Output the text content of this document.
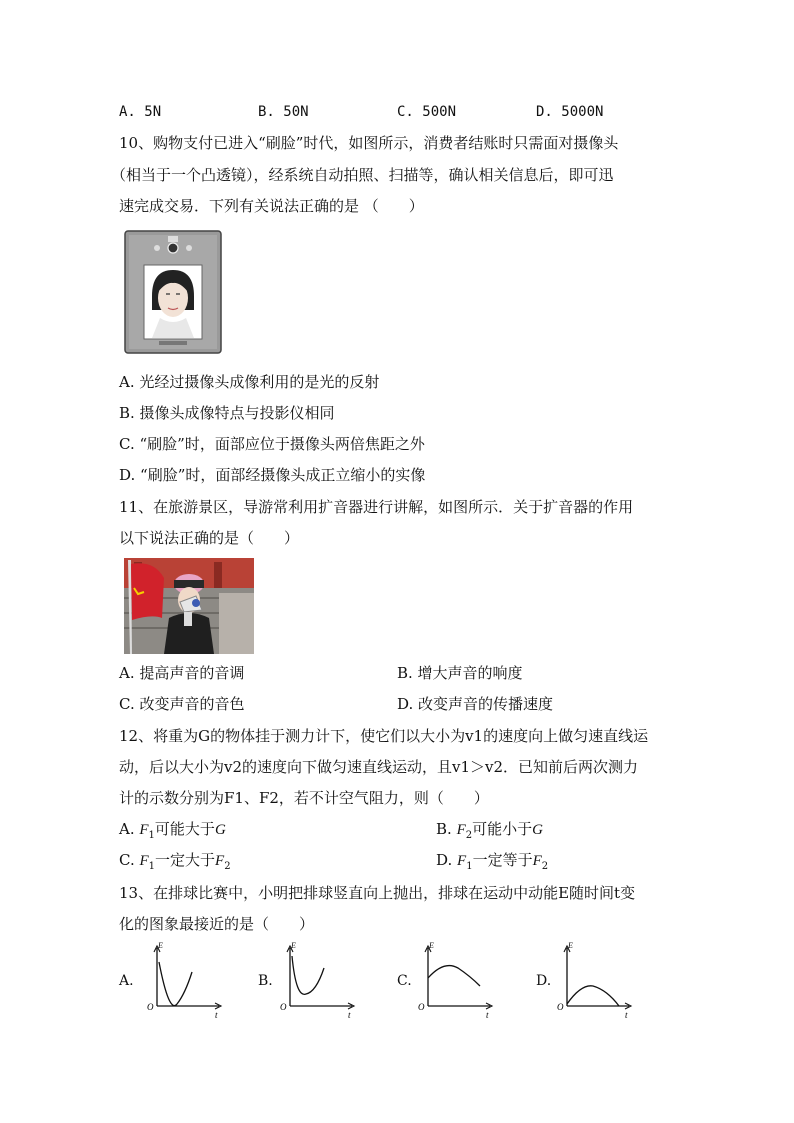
A. 5N	B. 50N	C. 500N	D. 5000N
10、购物支付已进入“刷脸”时代，如图所示，消费者结账时只需面对摄像头
（相当于一个凸透镜），经系统自动拍照、扫描等，确认相关信息后，即可迅
速完成交易．下列有关说法正确的是 （　　）
A. 光经过摄像头成像利用的是光的反射
B. 摄像头成像特点与投影仪相同
C. “刷脸”时，面部应位于摄像头两倍焦距之外
D. “刷脸”时，面部经摄像头成正立缩小的实像
11、在旅游景区，导游常利用扩音器进行讲解，如图所示．关于扩音器的作用
以下说法正确的是（　　）
A. 提高声音的音调	B. 增大声音的响度
C. 改变声音的音色	D. 改变声音的传播速度
12、将重为G的物体挂于测力计下，使它们以大小为v1的速度向上做匀速直线运
动，后以大小为v2的速度向下做匀速直线运动，且v1＞v2．已知前后两次测力
计的示数分别为F1、F2，若不计空气阻力，则（　　）
A. $F_1$可能大于G	B. $F_2$可能小于G
C. $F_1$一定大于$F_2$	D. $F_1$一定等于$F_2$
13、在排球比赛中，小明把排球竖直向上抛出，排球在运动中动能E随时间t变
化的图象最接近的是（　　）
A.
E
t
O
B.
E
t
O
C.
E
t
O
D.
E
t
O
